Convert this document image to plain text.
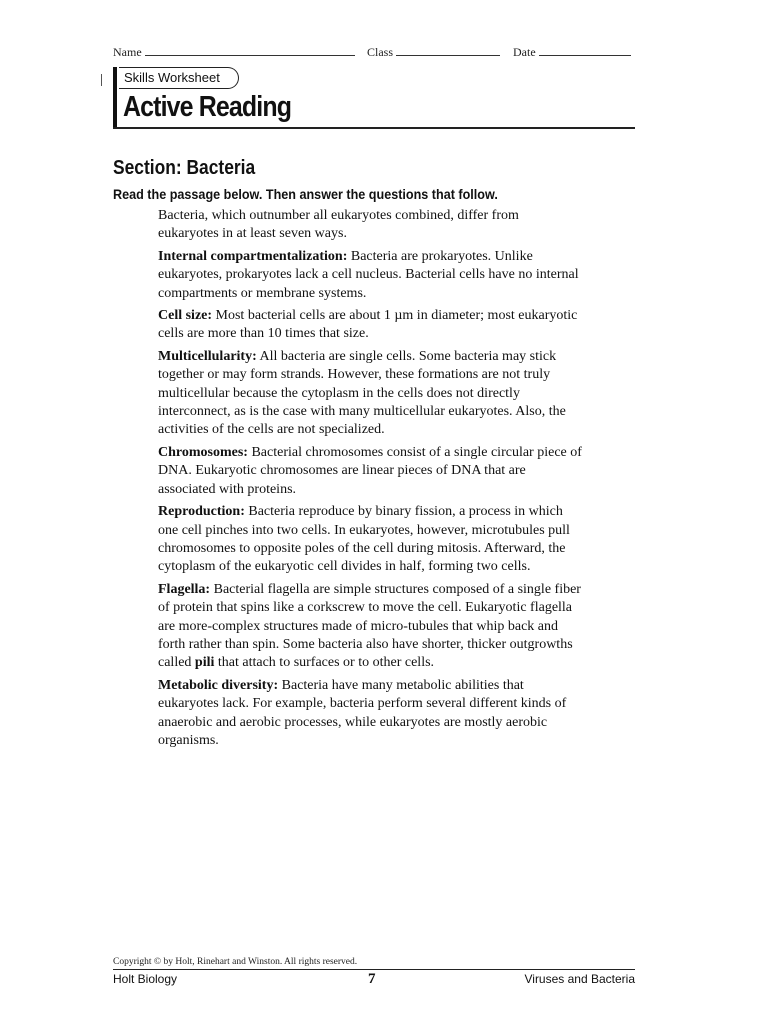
Name	Class	Date
Skills Worksheet
Active Reading
Section: Bacteria
Read the passage below. Then answer the questions that follow.

Bacteria, which outnumber all eukaryotes combined, differ from eukaryotes in at least seven ways.

Internal compartmentalization: Bacteria are prokaryotes. Unlike eukaryotes, prokaryotes lack a cell nucleus. Bacterial cells have no internal compartments or membrane systems.

Cell size: Most bacterial cells are about 1 µm in diameter; most eukaryotic cells are more than 10 times that size.

Multicellularity: All bacteria are single cells. Some bacteria may stick together or may form strands. However, these formations are not truly multicellular because the cytoplasm in the cells does not directly interconnect, as is the case with many multicellular eukaryotes. Also, the activities of the cells are not specialized.

Chromosomes: Bacterial chromosomes consist of a single circular piece of DNA. Eukaryotic chromosomes are linear pieces of DNA that are associated with proteins.

Reproduction: Bacteria reproduce by binary fission, a process in which one cell pinches into two cells. In eukaryotes, however, microtubules pull chromosomes to opposite poles of the cell during mitosis. Afterward, the cytoplasm of the eukaryotic cell divides in half, forming two cells.

Flagella: Bacterial flagella are simple structures composed of a single fiber of protein that spins like a corkscrew to move the cell. Eukaryotic flagella are more-complex structures made of micro-tubules that whip back and forth rather than spin. Some bacteria also have shorter, thicker outgrowths called pili that attach to surfaces or to other cells.

Metabolic diversity: Bacteria have many metabolic abilities that eukaryotes lack. For example, bacteria perform several different kinds of anaerobic and aerobic processes, while eukaryotes are mostly aerobic organisms.

Copyright © by Holt, Rinehart and Winston. All rights reserved.
Holt Biology	7	Viruses and Bacteria
